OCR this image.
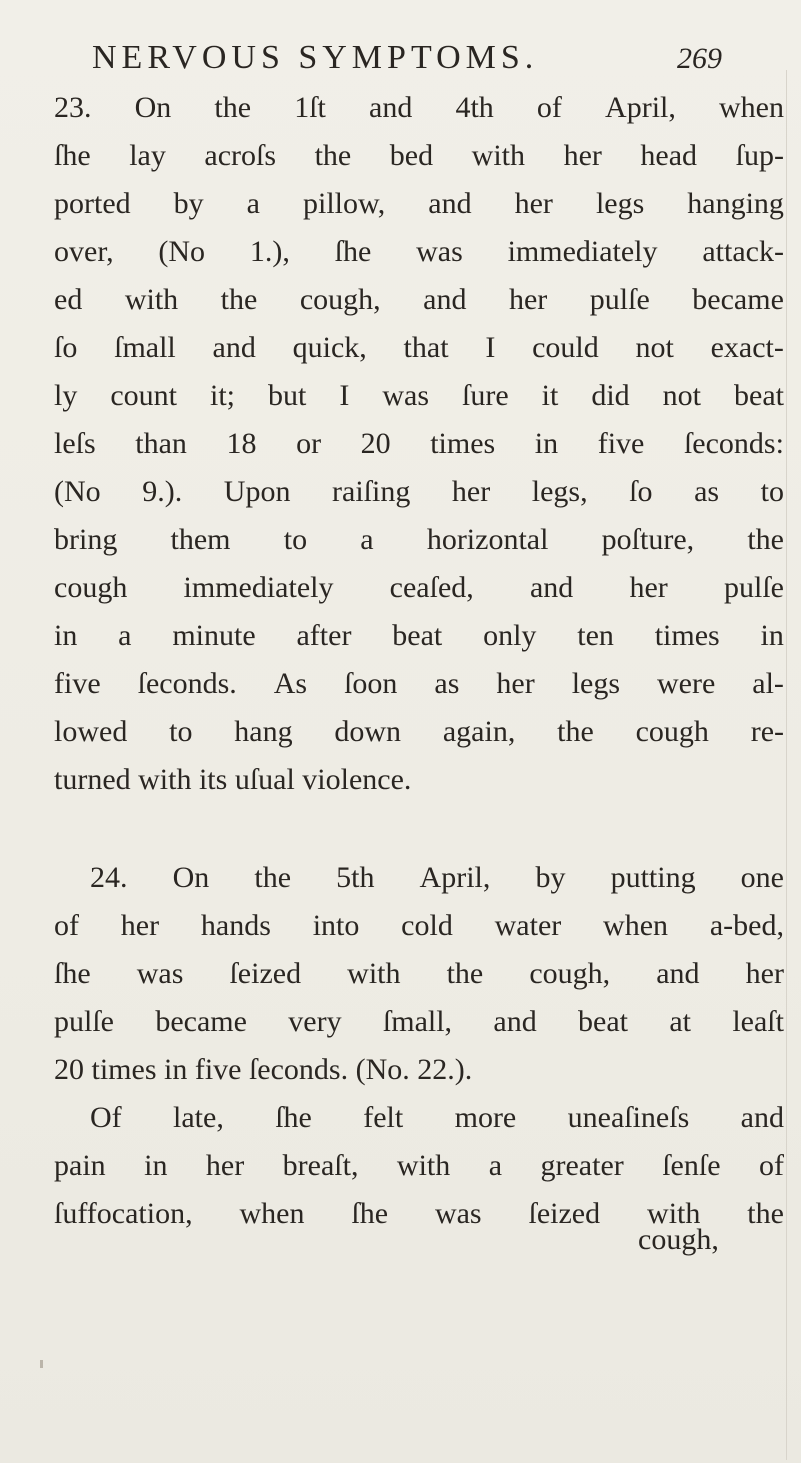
NERVOUS SYMPTOMS.	269
23. On the 1ſt and 4th of April, when
ſhe lay acroſs the bed with her head ſup-
ported by a pillow, and her legs hanging
over, (No 1.), ſhe was immediately attack-
ed with the cough, and her pulſe became
ſo ſmall and quick, that I could not exact-
ly count it; but I was ſure it did not beat
leſs than 18 or 20 times in five ſeconds:
(No 9.). Upon raiſing her legs, ſo as to
bring them to a horizontal poſture, the
cough immediately ceaſed, and her pulſe
in a minute after beat only ten times in
five ſeconds. As ſoon as her legs were al-
lowed to hang down again, the cough re-
turned with its uſual violence.
24. On the 5th April, by putting one
of her hands into cold water when a-bed,
ſhe was ſeized with the cough, and her
pulſe became very ſmall, and beat at leaſt
20 times in five ſeconds. (No. 22.).
Of late, ſhe felt more uneaſineſs and
pain in her breaſt, with a greater ſenſe of
ſuffocation, when ſhe was ſeized with the
cough,
